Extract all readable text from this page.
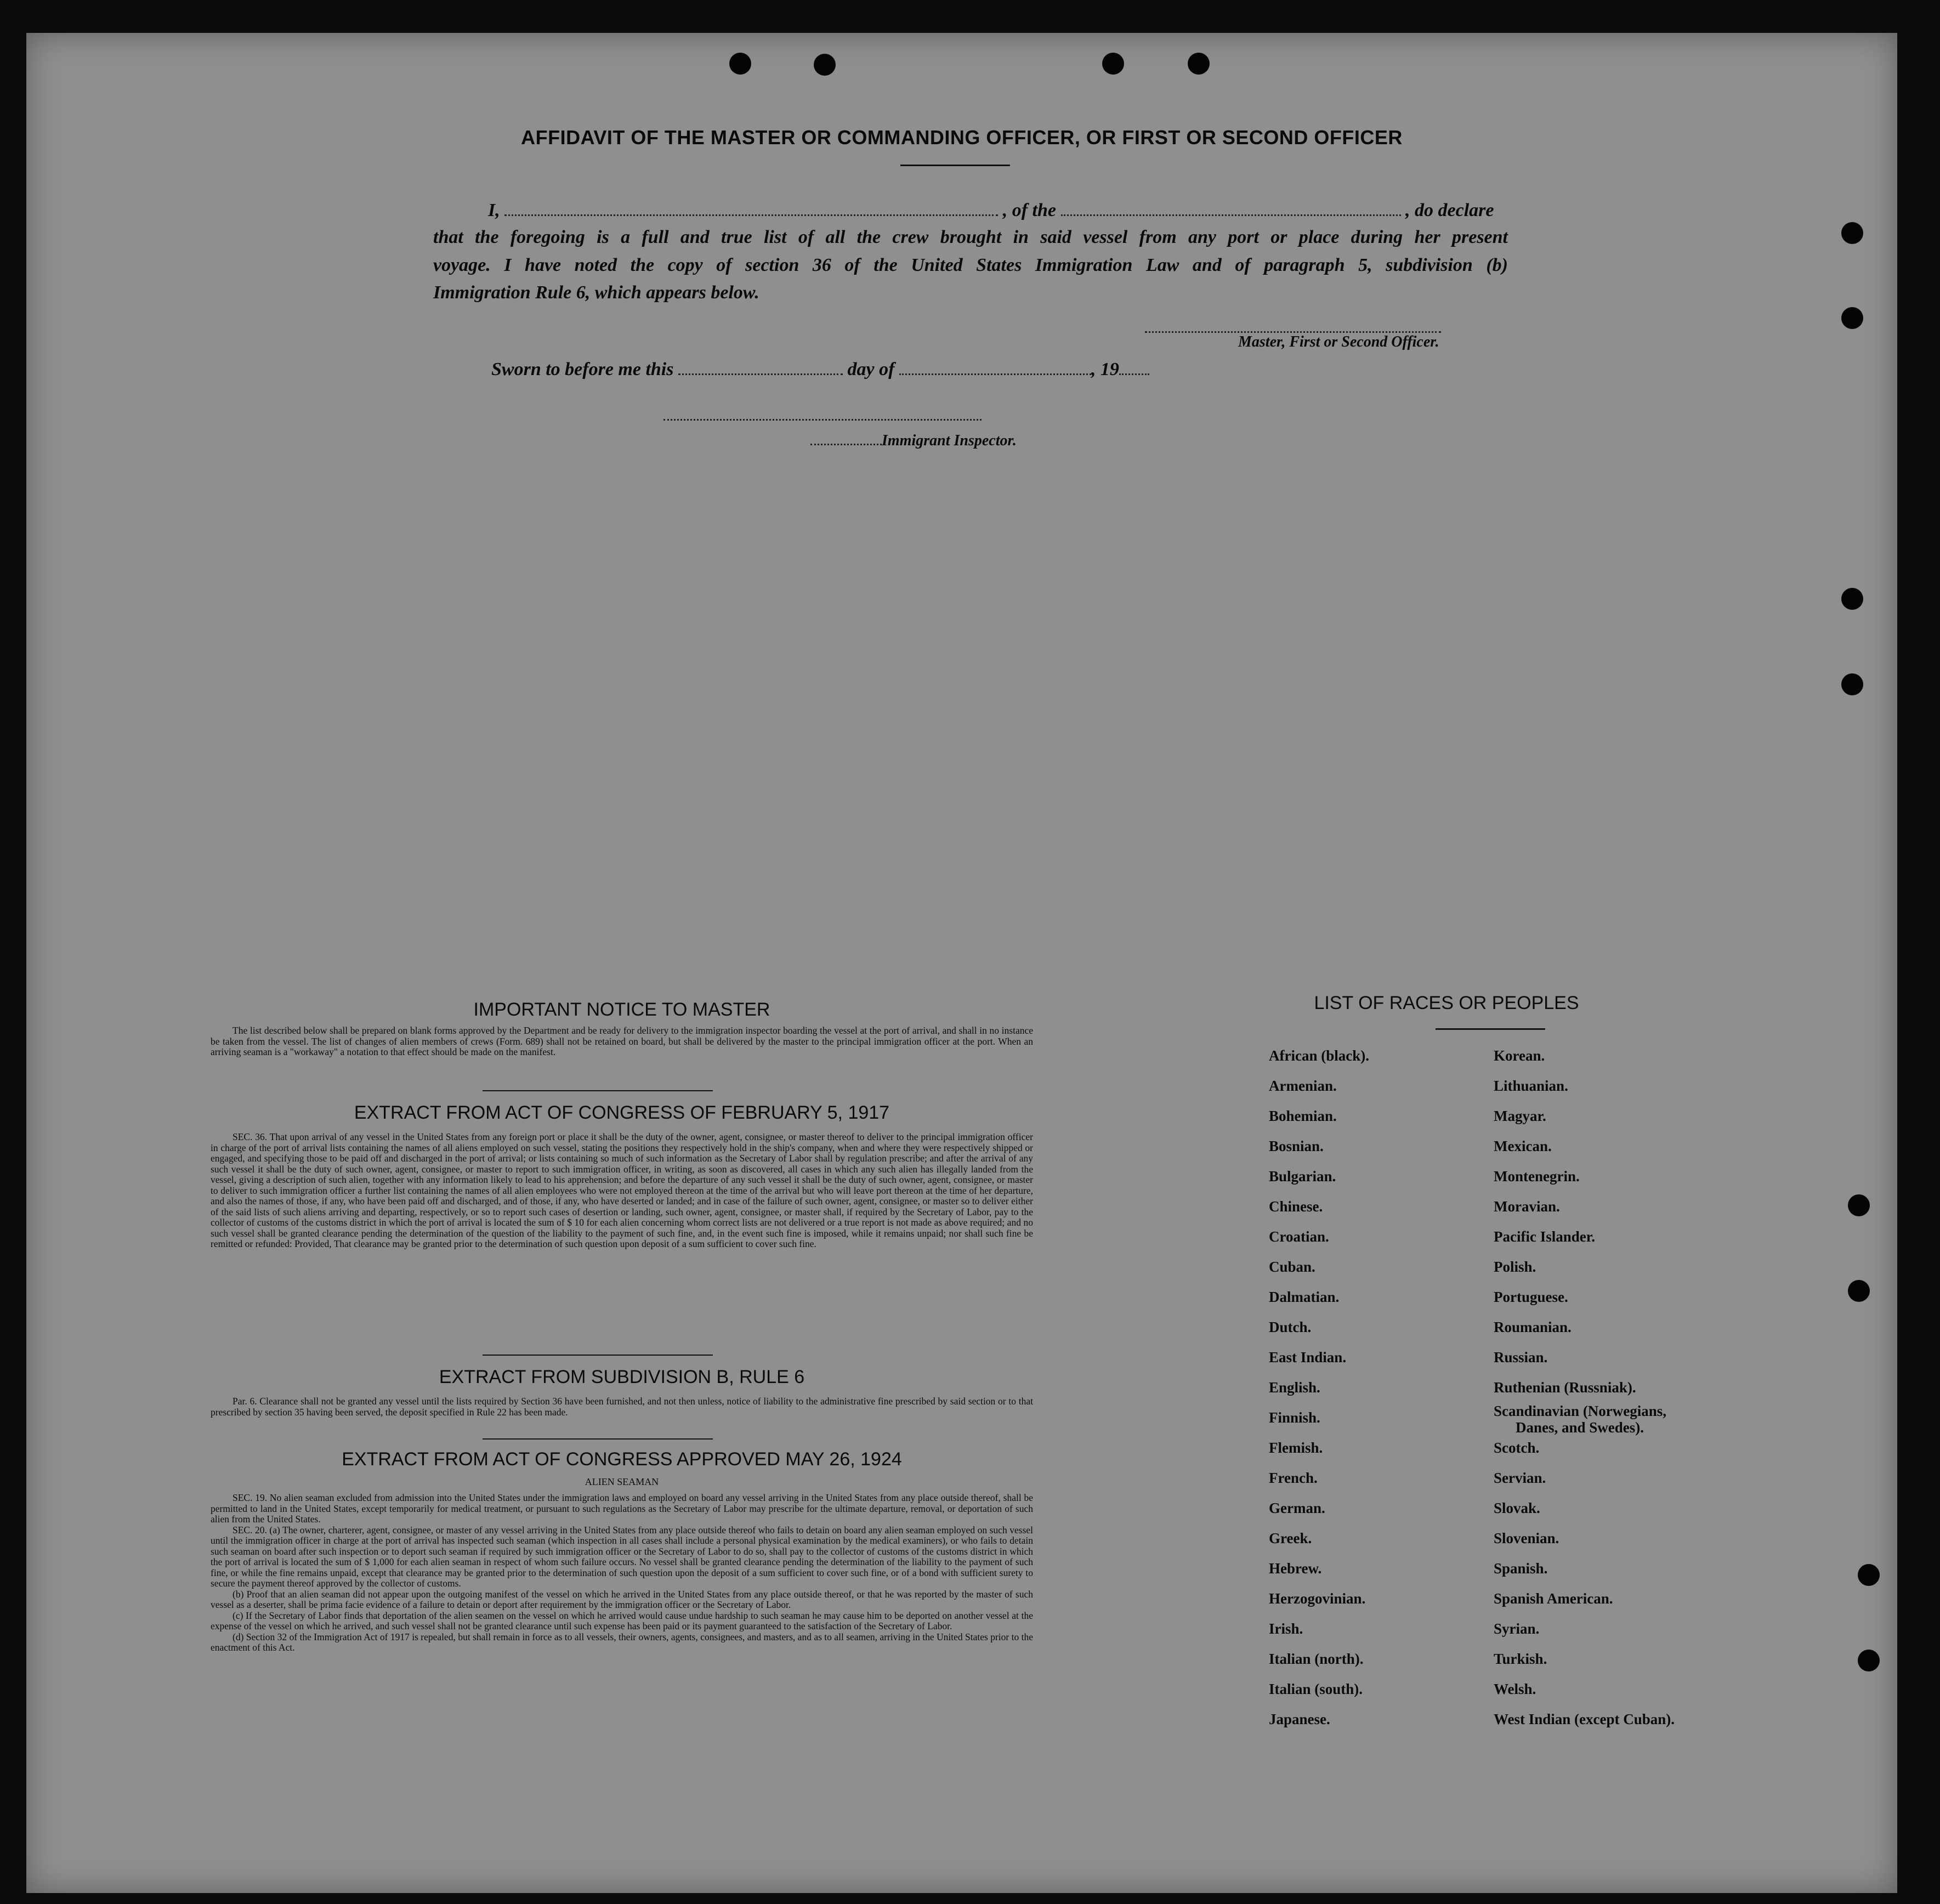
AFFIDAVIT OF THE MASTER OR COMMANDING OFFICER, OR FIRST OR SECOND OFFICER
I,	, of the	, do declare
that the foregoing is a full and true list of all the crew brought in said vessel from any port or place during her present
voyage. I have noted the copy of section 36 of the United States Immigration Law and of paragraph 5, subdivision (b)
Immigration Rule 6, which appears below.
Master, First or Second Officer.
Sworn to before me this	day of	, 19
Immigrant Inspector.
IMPORTANT NOTICE TO MASTER

The list described below shall be prepared on blank forms approved by the Department and be ready for delivery to the immigration inspector boarding the vessel at the port of arrival, and shall in no instance be taken from the vessel. The list of changes of alien members of crews (Form. 689) shall not be retained on board, but shall be delivered by the master to the principal immigration officer at the port. When an arriving seaman is a "workaway" a notation to that effect should be made on the manifest.

EXTRACT FROM ACT OF CONGRESS OF FEBRUARY 5, 1917

SEC. 36. That upon arrival of any vessel in the United States from any foreign port or place it shall be the duty of the owner, agent, consignee, or master thereof to deliver to the principal immigration officer in charge of the port of arrival lists containing the names of all aliens employed on such vessel, stating the positions they respectively hold in the ship's company, when and where they were respectively shipped or engaged, and specifying those to be paid off and discharged in the port of arrival; or lists containing so much of such information as the Secretary of Labor shall by regulation prescribe; and after the arrival of any such vessel it shall be the duty of such owner, agent, consignee, or master to report to such immigration officer, in writing, as soon as discovered, all cases in which any such alien has illegally landed from the vessel, giving a description of such alien, together with any information likely to lead to his apprehension; and before the departure of any such vessel it shall be the duty of such owner, agent, consignee, or master to deliver to such immigration officer a further list containing the names of all alien employees who were not employed thereon at the time of the arrival but who will leave port thereon at the time of her departure, and also the names of those, if any, who have been paid off and discharged, and of those, if any, who have deserted or landed; and in case of the failure of such owner, agent, consignee, or master so to deliver either of the said lists of such aliens arriving and departing, respectively, or so to report such cases of desertion or landing, such owner, agent, consignee, or master shall, if required by the Secretary of Labor, pay to the collector of customs of the customs district in which the port of arrival is located the sum of $ 10 for each alien concerning whom correct lists are not delivered or a true report is not made as above required; and no such vessel shall be granted clearance pending the determination of the question of the liability to the payment of such fine, and, in the event such fine is imposed, while it remains unpaid; nor shall such fine be remitted or refunded: Provided, That clearance may be granted prior to the determination of such question upon deposit of a sum sufficient to cover such fine.

EXTRACT FROM SUBDIVISION B, RULE 6

Par. 6. Clearance shall not be granted any vessel until the lists required by Section 36 have been furnished, and not then unless, notice of liability to the administrative fine prescribed by said section or to that prescribed by section 35 having been served, the deposit specified in Rule 22 has been made.

EXTRACT FROM ACT OF CONGRESS APPROVED MAY 26, 1924
ALIEN SEAMAN

SEC. 19. No alien seaman excluded from admission into the United States under the immigration laws and employed on board any vessel arriving in the United States from any place outside thereof, shall be permitted to land in the United States, except temporarily for medical treatment, or pursuant to such regulations as the Secretary of Labor may prescribe for the ultimate departure, removal, or deportation of such alien from the United States.

SEC. 20. (a) The owner, charterer, agent, consignee, or master of any vessel arriving in the United States from any place outside thereof who fails to detain on board any alien seaman employed on such vessel until the immigration officer in charge at the port of arrival has inspected such seaman (which inspection in all cases shall include a personal physical examination by the medical examiners), or who fails to detain such seaman on board after such inspection or to deport such seaman if required by such immigration officer or the Secretary of Labor to do so, shall pay to the collector of customs of the customs district in which the port of arrival is located the sum of $ 1,000 for each alien seaman in respect of whom such failure occurs. No vessel shall be granted clearance pending the determination of the liability to the payment of such fine, or while the fine remains unpaid, except that clearance may be granted prior to the determination of such question upon the deposit of a sum sufficient to cover such fine, or of a bond with sufficient surety to secure the payment thereof approved by the collector of customs.

(b) Proof that an alien seaman did not appear upon the outgoing manifest of the vessel on which he arrived in the United States from any place outside thereof, or that he was reported by the master of such vessel as a deserter, shall be prima facie evidence of a failure to detain or deport after requirement by the immigration officer or the Secretary of Labor.

(c) If the Secretary of Labor finds that deportation of the alien seamen on the vessel on which he arrived would cause undue hardship to such seaman he may cause him to be deported on another vessel at the expense of the vessel on which he arrived, and such vessel shall not be granted clearance until such expense has been paid or its payment guaranteed to the satisfaction of the Secretary of Labor.

(d) Section 32 of the Immigration Act of 1917 is repealed, but shall remain in force as to all vessels, their owners, agents, consignees, and masters, and as to all seamen, arriving in the United States prior to the enactment of this Act.

LIST OF RACES OR PEOPLES
African (black).
Armenian.
Bohemian.
Bosnian.
Bulgarian.
Chinese.
Croatian.
Cuban.
Dalmatian.
Dutch.
East Indian.
English.
Finnish.
Flemish.
French.
German.
Greek.
Hebrew.
Herzogovinian.
Irish.
Italian (north).
Italian (south).
Japanese.
Korean.
Lithuanian.
Magyar.
Mexican.
Montenegrin.
Moravian.
Pacific Islander.
Polish.
Portuguese.
Roumanian.
Russian.
Ruthenian (Russniak).
Scandinavian (Norwegians,
Danes, and Swedes).
Scotch.
Servian.
Slovak.
Slovenian.
Spanish.
Spanish American.
Syrian.
Turkish.
Welsh.
West Indian (except Cuban).
